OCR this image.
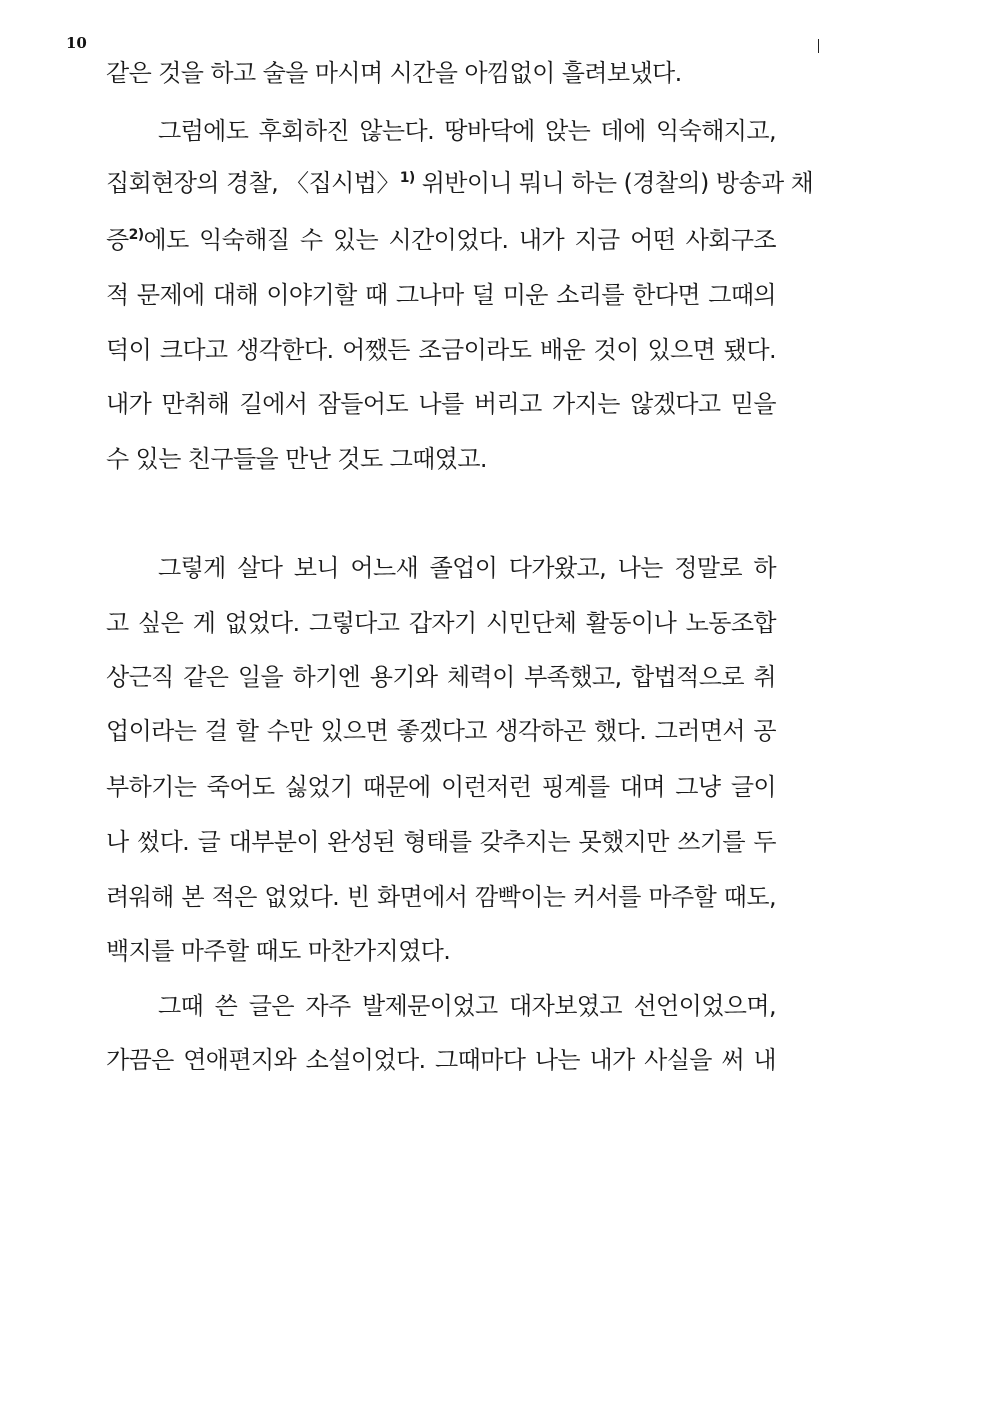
10
같은 것을 하고 술을 마시며 시간을 아낌없이 흘려보냈다.
그럼에도 후회하진 않는다. 땅바닥에 앉는 데에 익숙해지고,
집회현장의 경찰, 〈집시법〉$^{1)}$ 위반이니 뭐니 하는 (경찰의) 방송과 채
증$^{2)}$에도 익숙해질 수 있는 시간이었다. 내가 지금 어떤 사회구조
적 문제에 대해 이야기할 때 그나마 덜 미운 소리를 한다면 그때의
덕이 크다고 생각한다. 어쨌든 조금이라도 배운 것이 있으면 됐다.
내가 만취해 길에서 잠들어도 나를 버리고 가지는 않겠다고 믿을
수 있는 친구들을 만난 것도 그때였고.
그렇게 살다 보니 어느새 졸업이 다가왔고, 나는 정말로 하
고 싶은 게 없었다. 그렇다고 갑자기 시민단체 활동이나 노동조합
상근직 같은 일을 하기엔 용기와 체력이 부족했고, 합법적으로 취
업이라는 걸 할 수만 있으면 좋겠다고 생각하곤 했다. 그러면서 공
부하기는 죽어도 싫었기 때문에 이런저런 핑계를 대며 그냥 글이
나 썼다. 글 대부분이 완성된 형태를 갖추지는 못했지만 쓰기를 두
려워해 본 적은 없었다. 빈 화면에서 깜빡이는 커서를 마주할 때도,
백지를 마주할 때도 마찬가지였다.
그때 쓴 글은 자주 발제문이었고 대자보였고 선언이었으며,
가끔은 연애편지와 소설이었다. 그때마다 나는 내가 사실을 써 내
